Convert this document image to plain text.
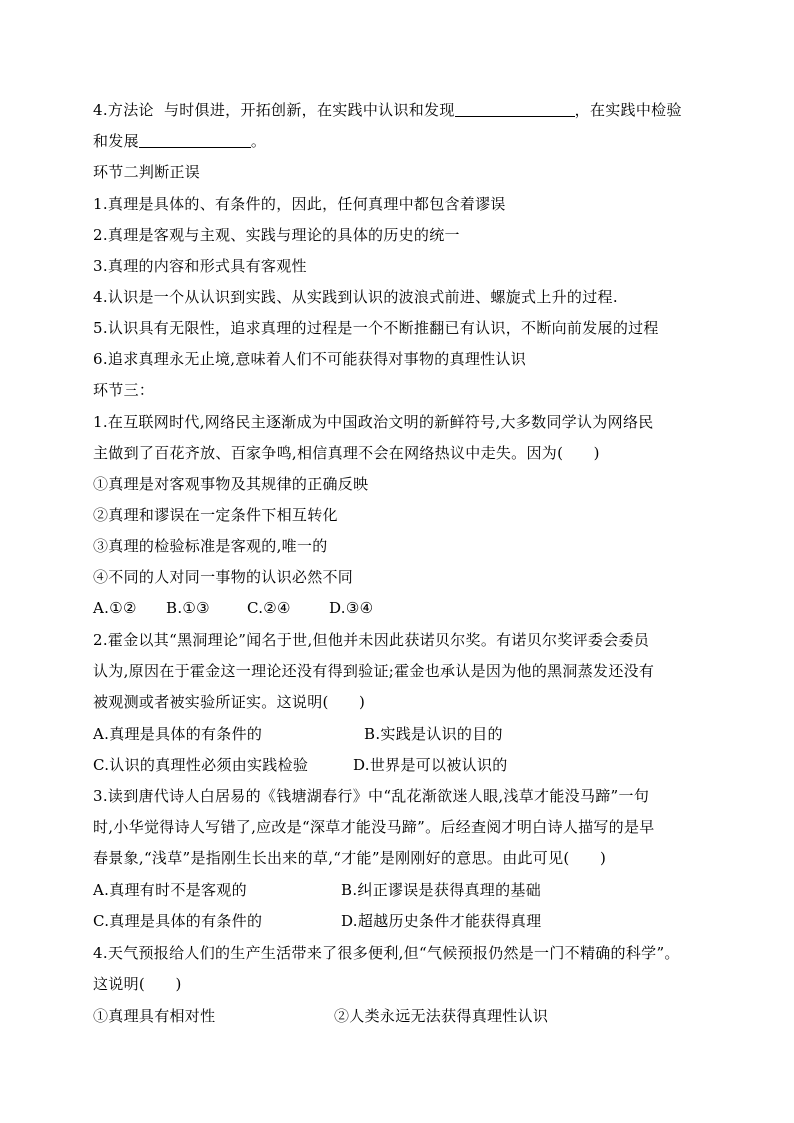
4.方法论  与时俱进，开拓创新，在实践中认识和发现	，在实践中检验
和发展	。
环节二判断正误
1.真理是具体的、有条件的，因此，任何真理中都包含着谬误
2.真理是客观与主观、实践与理论的具体的历史的统一
3.真理的内容和形式具有客观性
4.认识是一个从认识到实践、从实践到认识的波浪式前进、螺旋式上升的过程.
5.认识具有无限性，追求真理的过程是一个不断推翻已有认识，不断向前发展的过程
6.追求真理永无止境,意味着人们不可能获得对事物的真理性认识
环节三：
1.在互联网时代,网络民主逐渐成为中国政治文明的新鲜符号,大多数同学认为网络民
主做到了百花齐放、百家争鸣,相信真理不会在网络热议中走失。因为(      )
①真理是对客观事物及其规律的正确反映
②真理和谬误在一定条件下相互转化
③真理的检验标准是客观的,唯一的
④不同的人对同一事物的认识必然不同
A.①② B.①③ C.②④	D.③④
2.霍金以其“黑洞理论”闻名于世,但他并未因此获诺贝尔奖。有诺贝尔奖评委会委员
认为,原因在于霍金这一理论还没有得到验证;霍金也承认是因为他的黑洞蒸发还没有
被观测或者被实验所证实。这说明(      )
A.真理是具体的有条件的	B.实践是认识的目的
C.认识的真理性必须由实践检验	D.世界是可以被认识的
3.读到唐代诗人白居易的《钱塘湖春行》中“乱花渐欲迷人眼,浅草才能没马蹄”一句
时,小华觉得诗人写错了,应改是“深草才能没马蹄”。后经查阅才明白诗人描写的是早
春景象,“浅草”是指刚生长出来的草,“才能”是刚刚好的意思。由此可见(      )
A.真理有时不是客观的	B.纠正谬误是获得真理的基础
C.真理是具体的有条件的	D.超越历史条件才能获得真理
4.天气预报给人们的生产生活带来了很多便利,但“气候预报仍然是一门不精确的科学”。
这说明(      )
①真理具有相对性	②人类永远无法获得真理性认识
